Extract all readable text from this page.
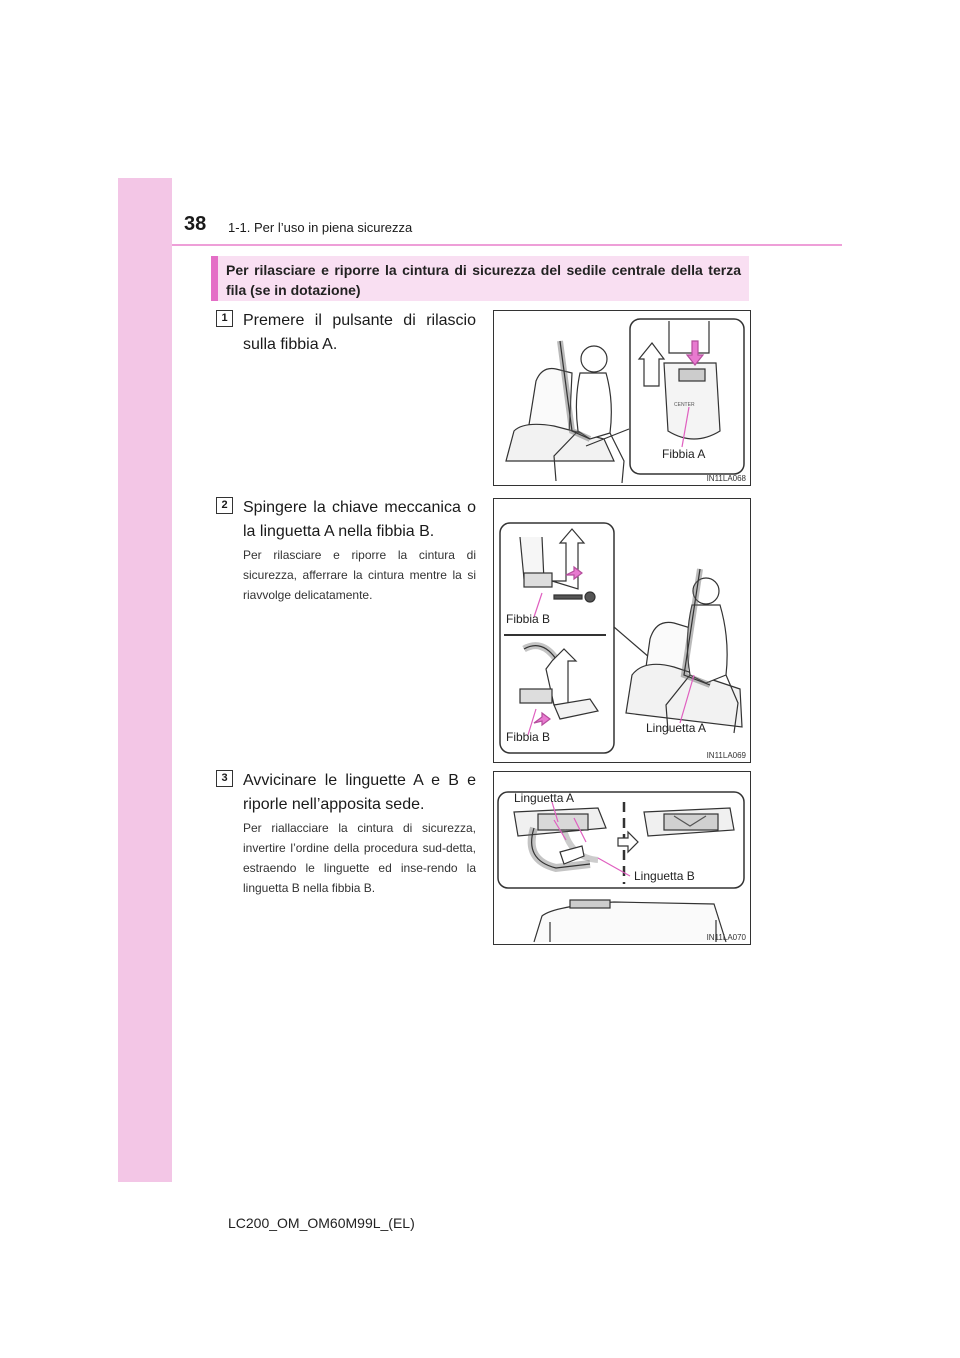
38 1-1. Per l’uso in piena sicurezza
Per rilasciare e riporre la cintura di sicurezza del sedile centrale della terza fila (se in dotazione)
1 Premere il pulsante di rilascio sulla fibbia A.
CENTER
Fibbia A
IN11LA068
2 Spingere la chiave meccanica o la linguetta A nella fibbia B.
Per rilasciare e riporre la cintura di sicurezza, afferrare la cintura mentre la si riavvolge delicatamente.
Fibbia B
Fibbia B
Linguetta A
IN11LA069
3 Avvicinare le linguette A e B e riporle nell’apposita sede.
Per riallacciare la cintura di sicurezza, invertire l’ordine della procedura sud-detta, estraendo le linguette ed inse-rendo la linguetta B nella fibbia B.
Linguetta A
Linguetta B
IN11LA070
LC200_OM_OM60M99L_(EL)
